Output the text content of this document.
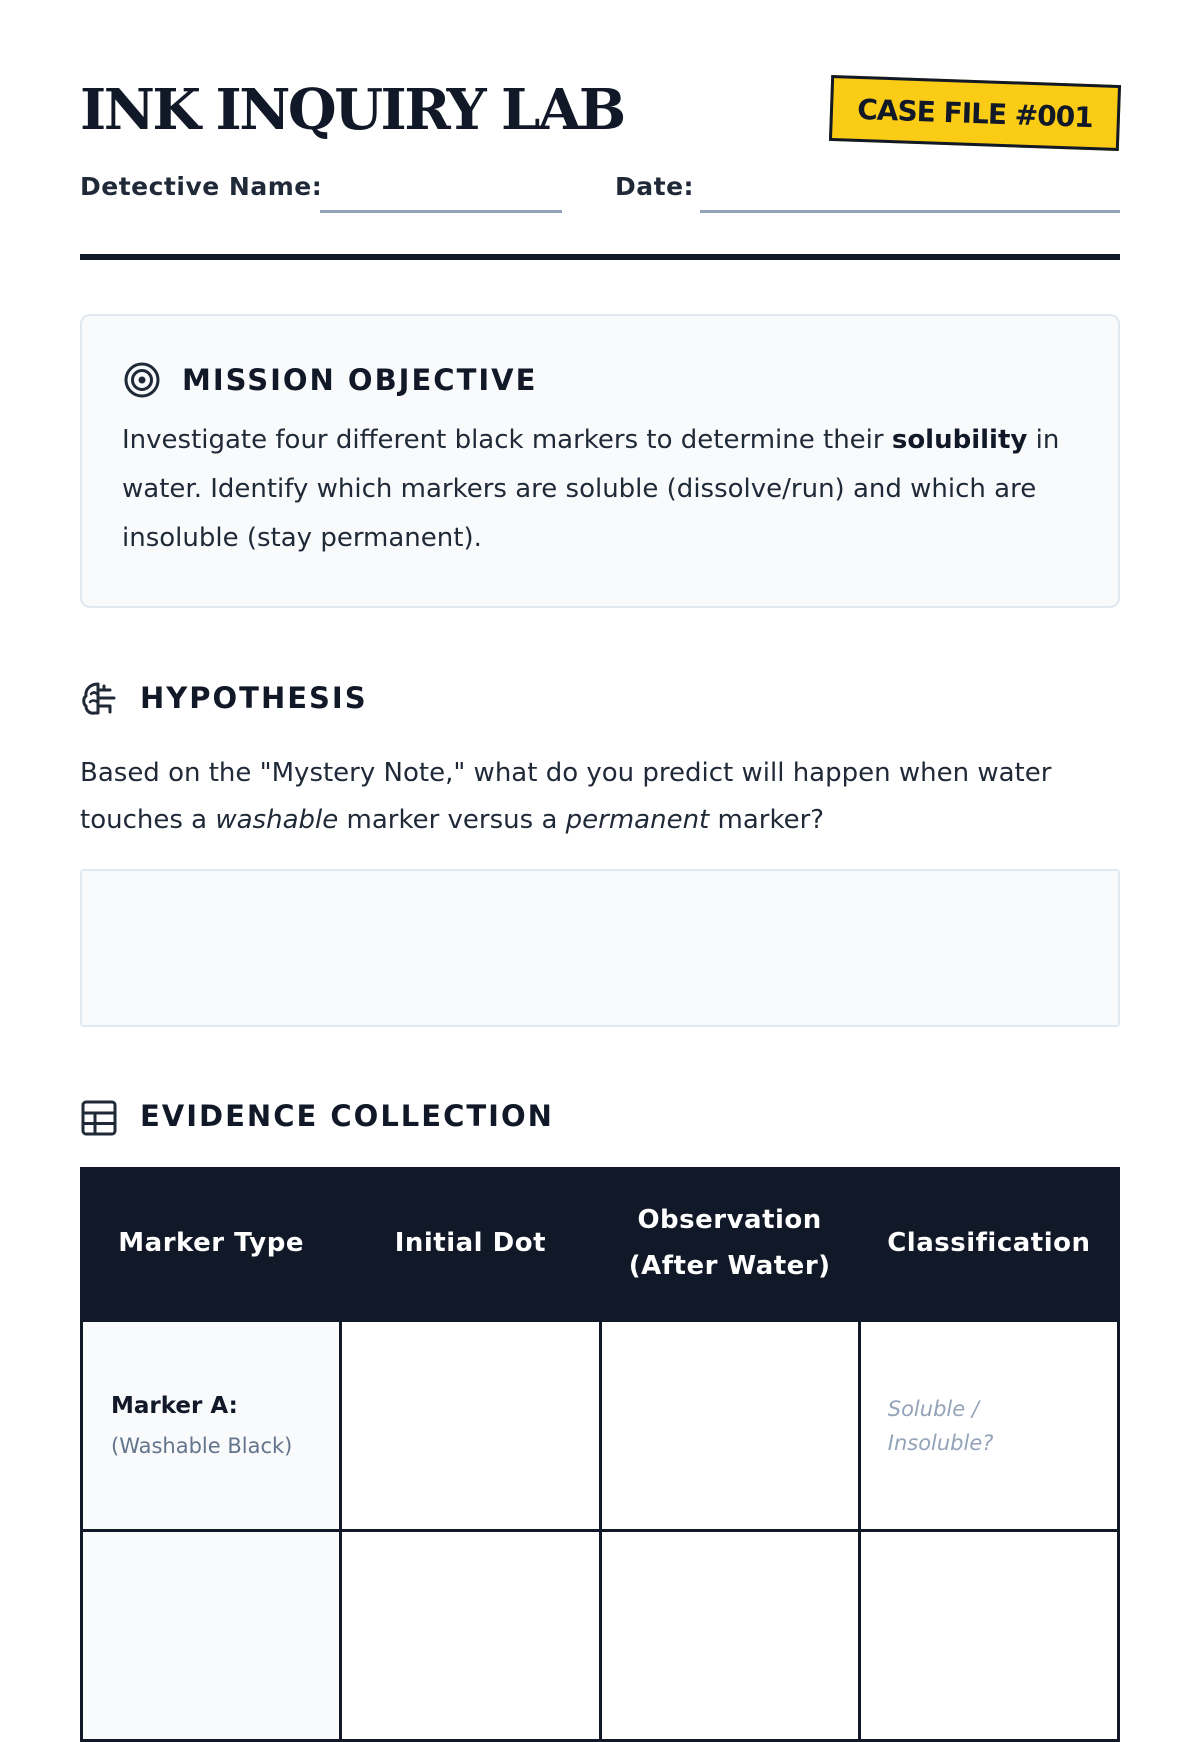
INK INQUIRY LAB	CASE FILE #001
Detective Name:	Date:
MISSION OBJECTIVE

Investigate four different black markers to determine their solubility in water. Identify which markers are soluble (dissolve/run) and which are insoluble (stay permanent).

HYPOTHESIS

Based on the "Mystery Note," what do you predict will happen when water touches a washable marker versus a permanent marker?

EVIDENCE COLLECTION
Marker Type	Initial Dot	Observation (After Water)	Classification

Marker A:
(Washable Black)			Soluble / Insoluble?
